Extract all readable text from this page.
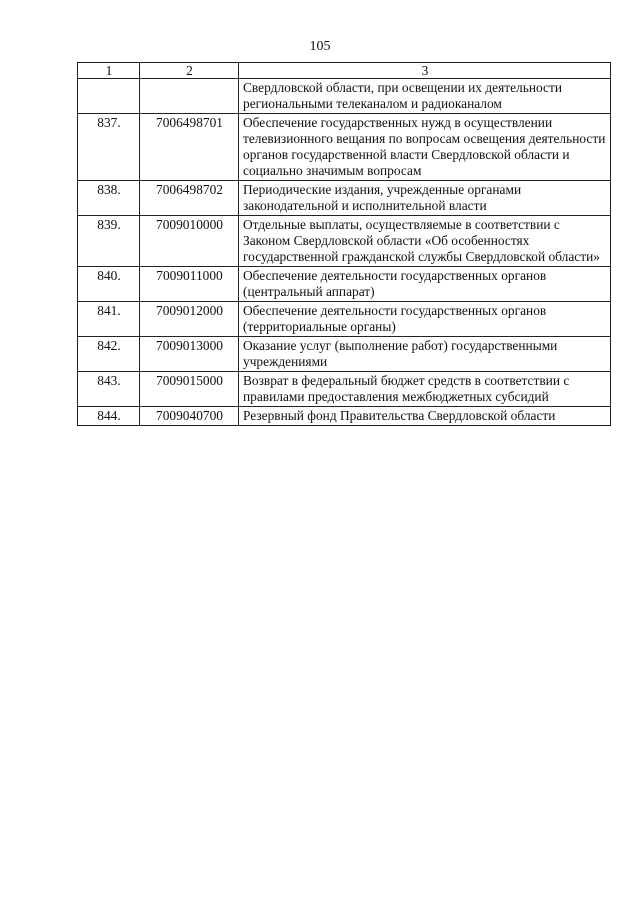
105
1	2	3
		Свердловской области, при освещении их деятельности региональными телеканалом и радиоканалом
837.	7006498701	Обеспечение государственных нужд в осуществлении телевизионного вещания по вопросам освещения деятельности органов государственной власти Свердловской области и социально значимым вопросам
838.	7006498702	Периодические издания, учрежденные органами законодательной и исполнительной власти
839.	7009010000	Отдельные выплаты, осуществляемые в соответствии с Законом Свердловской области «Об особенностях государственной гражданской службы Свердловской области»
840.	7009011000	Обеспечение деятельности государственных органов (центральный аппарат)
841.	7009012000	Обеспечение деятельности государственных органов (территориальные органы)
842.	7009013000	Оказание услуг (выполнение работ) государственными учреждениями
843.	7009015000	Возврат в федеральный бюджет средств в соответствии с правилами предоставления межбюджетных субсидий
844.	7009040700	Резервный фонд Правительства Свердловской области
